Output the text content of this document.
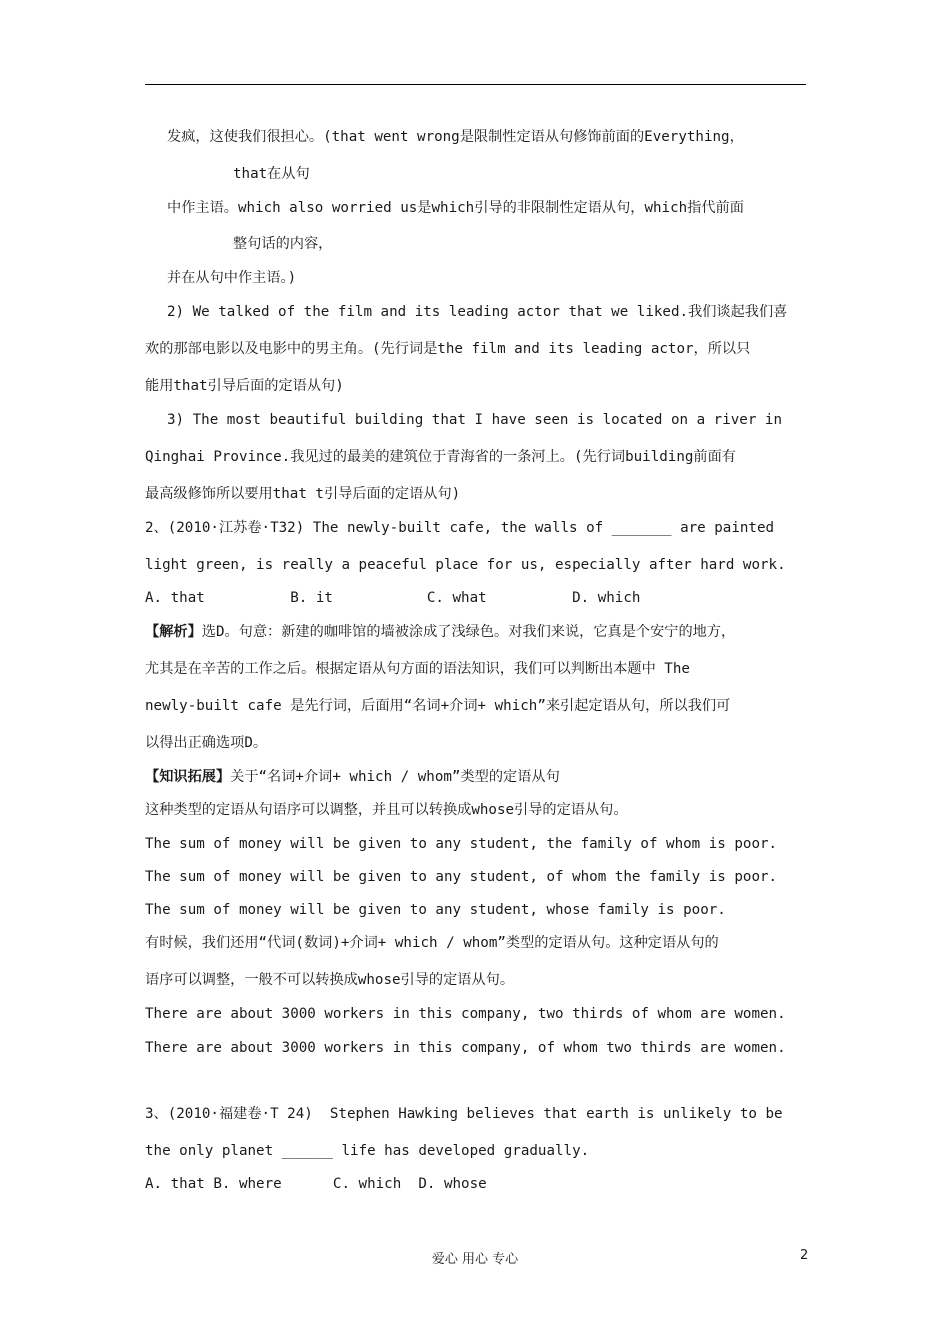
发疯，这使我们很担心。(that went wrong是限制性定语从句修饰前面的Everything，
that在从句
中作主语。which also worried us是which引导的非限制性定语从句，which指代前面
整句话的内容，
并在从句中作主语。)
2) We talked of the film and its leading actor that we liked.我们谈起我们喜
欢的那部电影以及电影中的男主角。(先行词是the film and its leading actor，所以只
能用that引导后面的定语从句)
3) The most beautiful building that I have seen is located on a river in
Qinghai Province.我见过的最美的建筑位于青海省的一条河上。(先行词building前面有
最高级修饰所以要用that t引导后面的定语从句)
2、(2010·江苏卷·T32) The newly-built cafe, the walls of _______ are painted
light green, is really a peaceful place for us, especially after hard work.
A. that          B. it           C. what          D. which
【解析】选D。句意：新建的咖啡馆的墙被涂成了浅绿色。对我们来说，它真是个安宁的地方，
尤其是在辛苦的工作之后。根据定语从句方面的语法知识，我们可以判断出本题中 The
newly-built cafe 是先行词，后面用“名词+介词+ which”来引起定语从句，所以我们可
以得出正确选项D。
【知识拓展】关于“名词+介词+ which / whom”类型的定语从句
这种类型的定语从句语序可以调整，并且可以转换成whose引导的定语从句。
The sum of money will be given to any student, the family of whom is poor.
The sum of money will be given to any student, of whom the family is poor.
The sum of money will be given to any student, whose family is poor.
有时候，我们还用“代词(数词)+介词+ which / whom”类型的定语从句。这种定语从句的
语序可以调整，一般不可以转换成whose引导的定语从句。
There are about 3000 workers in this company, two thirds of whom are women.
There are about 3000 workers in this company, of whom two thirds are women.
3、(2010·福建卷·T 24)  Stephen Hawking believes that earth is unlikely to be
the only planet ______ life has developed gradually.
A. that B. where      C. which  D. whose
爱心 用心 专心	2
